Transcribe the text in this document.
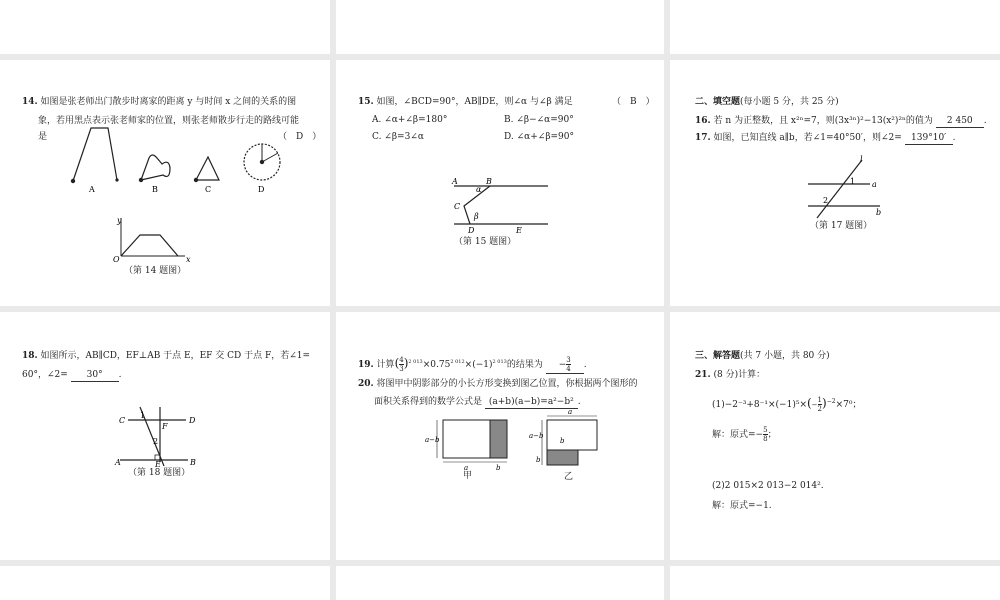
14. 如图是张老师出门散步时离家的距离 y 与时间 x 之间的关系的图
象，若用黑点表示张老师家的位置，则张老师散步行走的路线可能
是	（　D　）
A	B	C	D
y
x
O
（第 14 题图）
15. 如图，∠BCD=90°，AB∥DE，则∠α 与∠β 满足	（　B　）
A. ∠α+∠β=180°	B. ∠β−∠α=90°
C. ∠β=3∠α	D. ∠α+∠β=90°
A	B
α
C
β
D	E
（第 15 题图）
二、填空题(每小题 5 分，共 25 分)
16. 若 n 为正整数，且 x²ⁿ=7，则(3x³ⁿ)²−13(x²)²ⁿ的值为 2 450 .
17. 如图，已知直线 a∥b，若∠1=40°50′，则∠2= 139°10′ .
l
1 a
2
b
（第 17 题图）
18. 如图所示，AB∥CD，EF⊥AB 于点 E，EF 交 CD 于点 F，若∠1=
60°，∠2= 30° .
C
1
F
D
2
A	E	B
（第 18 题图）
19. 计算( $\frac{4}{3} )^{2 013}\times 0.75^{2 012}\times(-1)^{2 013}$的结果为 − $\frac{3}{4}$ .
20. 将图甲中阴影部分的小长方形变换到图乙位置，你根据两个图形的
面积关系得到的数学公式是 (a+b)(a−b)=a²−b² .
a−b
a	b
a
a−b
b
b
甲	乙
三、解答题(共 7 小题，共 80 分)
21. (8 分)计算：
$(1)-2^{-3}+8^{-1}\times(-1)^5\times(- \frac{1}{2} )^{-2}\times 7^0$；
解：原式=− $\frac{5}{8}$ ；
(2)2 015×2 013−2 014².
解：原式=−1.
